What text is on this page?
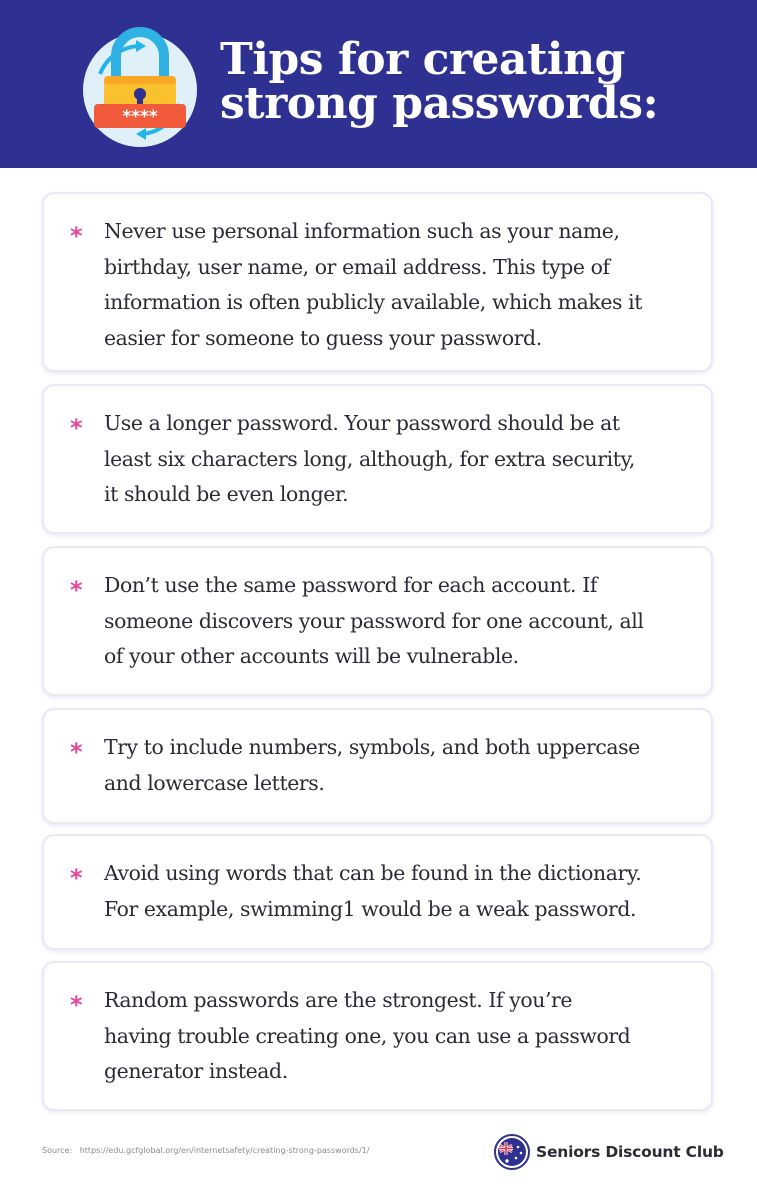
****
Tips for creating
strong passwords:
* Never use personal information such as your name,
birthday, user name, or email address. This type of
information is often publicly available, which makes it
easier for someone to guess your password.
* Use a longer password. Your password should be at
least six characters long, although, for extra security,
it should be even longer.
* Don’t use the same password for each account. If
someone discovers your password for one account, all
of your other accounts will be vulnerable.
* Try to include numbers, symbols, and both uppercase
and lowercase letters.
* Avoid using words that can be found in the dictionary.
For example, swimming1 would be a weak password.
* Random passwords are the strongest. If you’re
having trouble creating one, you can use a password
generator instead.
Source: https://edu.gcfglobal.org/en/internetsafety/creating-strong-passwords/1/	Seniors Discount Club
